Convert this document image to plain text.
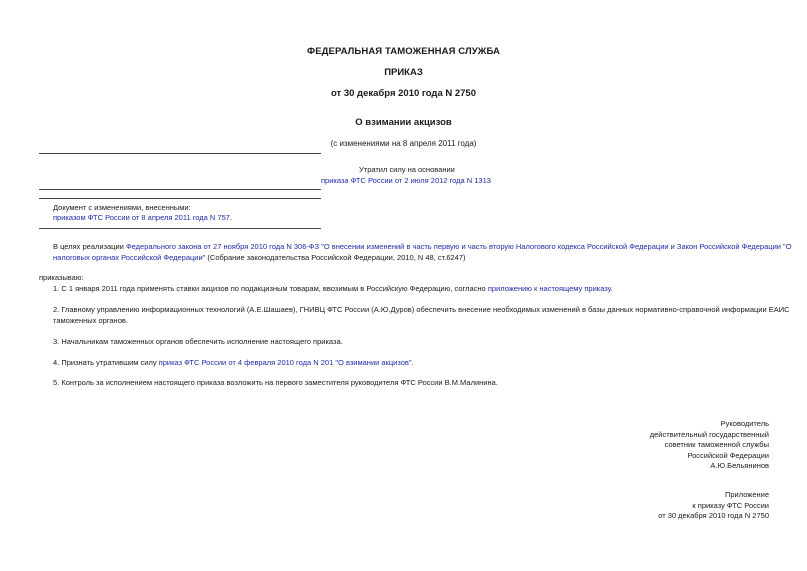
ФЕДЕРАЛЬНАЯ ТАМОЖЕННАЯ СЛУЖБА
ПРИКАЗ
от 30 декабря 2010 года N 2750
О взимании акцизов
(с изменениями на 8 апреля 2011 года)
Утратил силу на основании
приказа ФТС России от 2 июля 2012 года N 1313
Документ с изменениями, внесенными:
приказом ФТС России от 8 апреля 2011 года N 757.
В целях реализации Федерального закона от 27 ноября 2010 года N 306-ФЗ "О внесении изменений в часть первую и часть вторую Налогового кодекса Российской Федерации и Закон Российской Федерации "О налоговых органах Российской Федерации" (Собрание законодательства Российской Федерации, 2010, N 48, ст.6247)
приказываю:
1. С 1 января 2011 года применять ставки акцизов по подакцизным товарам, ввозимым в Российскую Федерацию, согласно приложению к настоящему приказу.
2. Главному управлению информационных технологий (А.Е.Шашаев), ГНИВЦ ФТС России (А.Ю.Дуров) обеспечить внесение необходимых изменений в базы данных нормативно-справочной информации ЕАИС таможенных органов.
3. Начальникам таможенных органов обеспечить исполнение настоящего приказа.
4. Признать утратившим силу приказ ФТС России от 4 февраля 2010 года N 201 "О взимании акцизов".
5. Контроль за исполнением настоящего приказа возложить на первого заместителя руководителя ФТС России В.М.Малинина.
Руководитель
действительный государственный
советник таможенной службы
Российской Федерации
А.Ю.Бельянинов
Приложение
к приказу ФТС России
от 30 декабря 2010 года N 2750
